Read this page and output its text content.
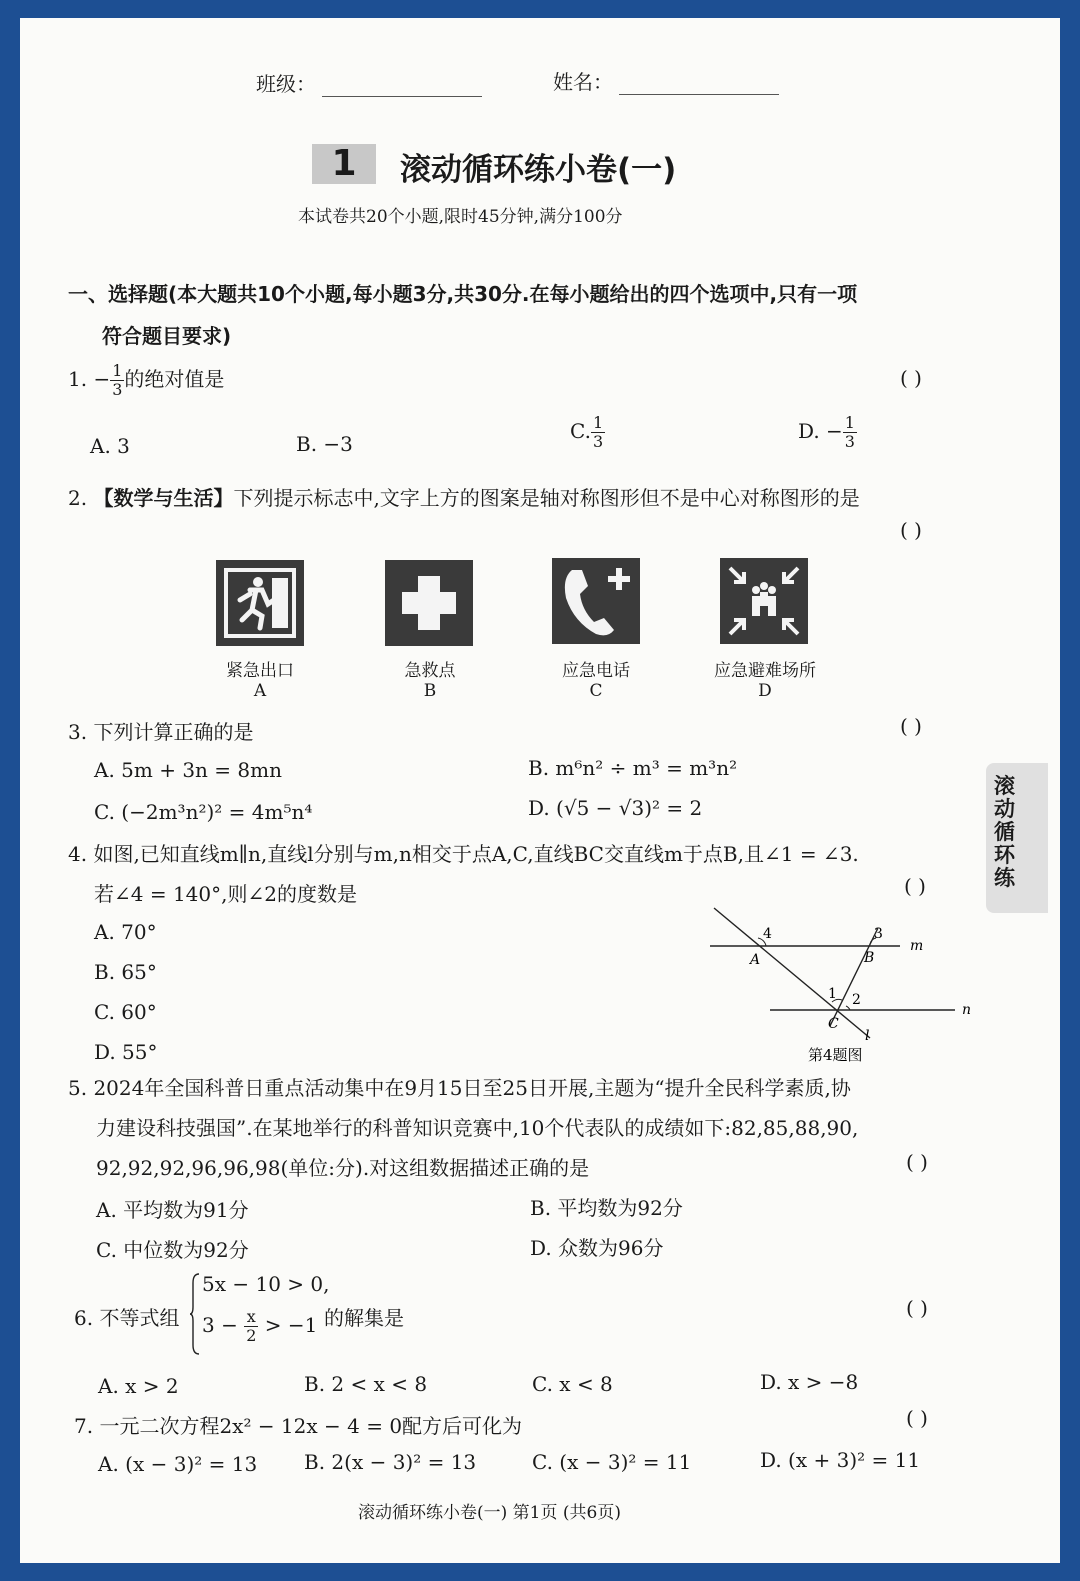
班级：	姓名：
1	滚动循环练小卷(一)
本试卷共20个小题,限时45分钟,满分100分
一、选择题(本大题共10个小题,每小题3分,共30分.在每小题给出的四个选项中,只有一项
符合题目要求)
1. − $\frac{1}{3}$ 的绝对值是	( )
A. 3	B. −3
C. $\frac{1}{3}$	D. − $\frac{1}{3}$
2. 【数学与生活】下列提示标志中,文字上方的图案是轴对称图形但不是中心对称图形的是
( )
紧急出口
A
急救点
B
应急电话
C
应急避难场所
D
3. 下列计算正确的是	( )
A. 5m + 3n = 8mn	B. m⁶n² ÷ m³ = m³n²
C. (−2m³n²)² = 4m⁵n⁴	D. (√5 − √3)² = 2
4. 如图,已知直线m∥n,直线l分别与m,n相交于点A,C,直线BC交直线m于点B,且∠1 = ∠3.
若∠4 = 140°,则∠2的度数是	( )
A. 70°
B. 65°
C. 60°
D. 55°
4	3
A	B
m
1 2
C
n
l
第4题图
5. 2024年全国科普日重点活动集中在9月15日至25日开展,主题为“提升全民科学素质,协
力建设科技强国”.在某地举行的科普知识竞赛中,10个代表队的成绩如下:82,85,88,90,
92,92,92,96,96,98(单位:分).对这组数据描述正确的是	( )
A. 平均数为91分	B. 平均数为92分
C. 中位数为92分	D. 众数为96分
6. 不等式组
5x − 10 > 0,
$3 - \frac{x}{2} > -1$ 的解集是	( )
A. x > 2	B. 2 < x < 8	C. x < 8	D. x > −8
7. 一元二次方程2x² − 12x − 4 = 0配方后可化为	( )
A. (x − 3)² = 13 B. 2(x − 3)² = 13	C. (x − 3)² = 11	D. (x + 3)² = 11
滚动循环练
滚动循环练小卷(一) 第1页 (共6页)
